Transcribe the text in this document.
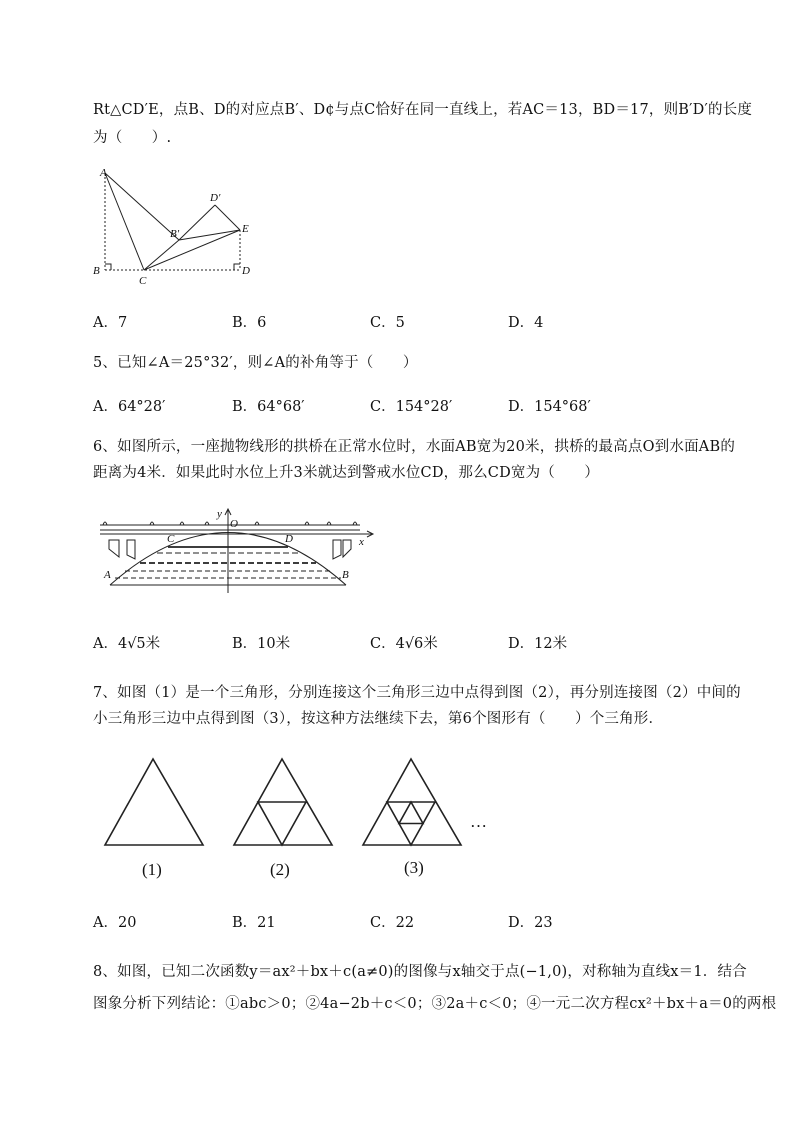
Rt△CD′E，点B、D的对应点B′、D¢与点C恰好在同一直线上，若AC＝13，BD＝17，则B′D′的长度
为（　　）.
A
B
C
D
E
B′
D′
A．7	B．6	C．5	D．4
5、已知∠A＝25°32′，则∠A的补角等于（　　）
A．64°28′	B．64°68′	C．154°28′	D．154°68′
6、如图所示，一座抛物线形的拱桥在正常水位时，水面AB宽为20米，拱桥的最高点O到水面AB的
距离为4米．如果此时水位上升3米就达到警戒水位CD，那么CD宽为（　　）
y
O
C	D	x
A	B
A．4√5米	B．10米	C．4√6米	D．12米
7、如图（1）是一个三角形，分别连接这个三角形三边中点得到图（2），再分别连接图（2）中间的
小三角形三边中点得到图（3），按这种方法继续下去，第6个图形有（　　）个三角形．
(1)	(2)	(3)
…
A．20	B．21	C．22	D．23
8、如图，已知二次函数y＝ax²＋bx＋c(a≠0)的图像与x轴交于点(−1,0)，对称轴为直线x＝1．结合
图象分析下列结论：①abc＞0；②4a−2b＋c＜0；③2a＋c＜0；④一元二次方程cx²＋bx＋a＝0的两根
